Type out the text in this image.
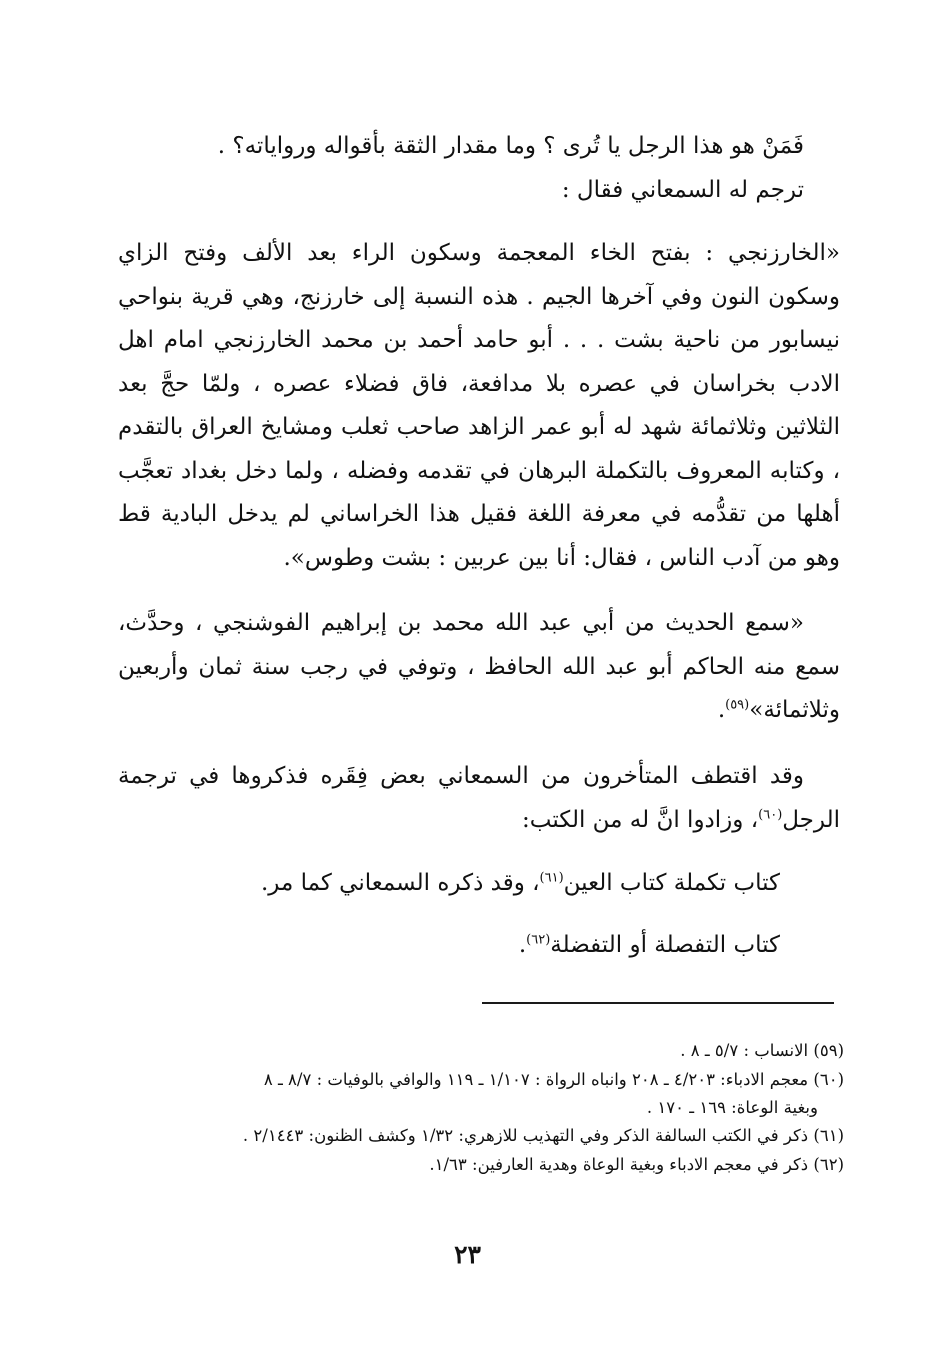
فَمَنْ هو هذا الرجل يا تُرى ؟ وما مقدار الثقة بأقواله ورواياته؟ .

ترجم له السمعاني فقال :

«الخارزنجي : بفتح الخاء المعجمة وسكون الراء بعد الألف وفتح الزاي وسكون النون وفي آخرها الجيم . هذه النسبة إلى خارزنج، وهي قرية بنواحي نيسابور من ناحية بشت . . . أبو حامد أحمد بن محمد الخارزنجي امام اهل الادب بخراسان في عصره بلا مدافعة، فاق فضلاء عصره ، ولمّا حجَّ بعد الثلاثين وثلاثمائة شهد له أبو عمر الزاهد صاحب ثعلب ومشايخ العراق بالتقدم ، وكتابه المعروف بالتكملة البرهان في تقدمه وفضله ، ولما دخل بغداد تعجَّب أهلها من تقدُّمه في معرفة اللغة فقيل هذا الخراساني لم يدخل البادية قط وهو من آدب الناس ، فقال: أنا بين عربين : بشت وطوس».

«سمع الحديث من أبي عبد الله محمد بن إبراهيم الفوشنجي ، وحدَّث، سمع منه الحاكم أبو عبد الله الحافظ ، وتوفي في رجب سنة ثمان وأربعين وثلاثمائة»$^{(٥٩)}$.

وقد اقتطف المتأخرون من السمعاني بعض فِقَره فذكروها في ترجمة الرجل$^{(٦٠)}$، وزادوا انَّ له من الكتب:

كتاب تكملة كتاب العين$^{(٦١)}$، وقد ذكره السمعاني كما مر.

كتاب التفصلة أو التفضلة$^{(٦٢)}$.

(٥٩) الانساب : ٥/٧ ـ ٨ .

(٦٠) معجم الادباء: ٤/٢٠٣ ـ ٢٠٨ وانباه الرواة : ١/١٠٧ ـ ١١٩ والوافي بالوفيات : ٨/٧ ـ ٨

وبغية الوعاة: ١٦٩ ـ ١٧٠ .

(٦١) ذكر في الكتب السالفة الذكر وفي التهذيب للازهري: ١/٣٢ وكشف الظنون: ٢/١٤٤٣ .

(٦٢) ذكر في معجم الادباء وبغية الوعاة وهدية العارفين: ١/٦٣.

٢٣
